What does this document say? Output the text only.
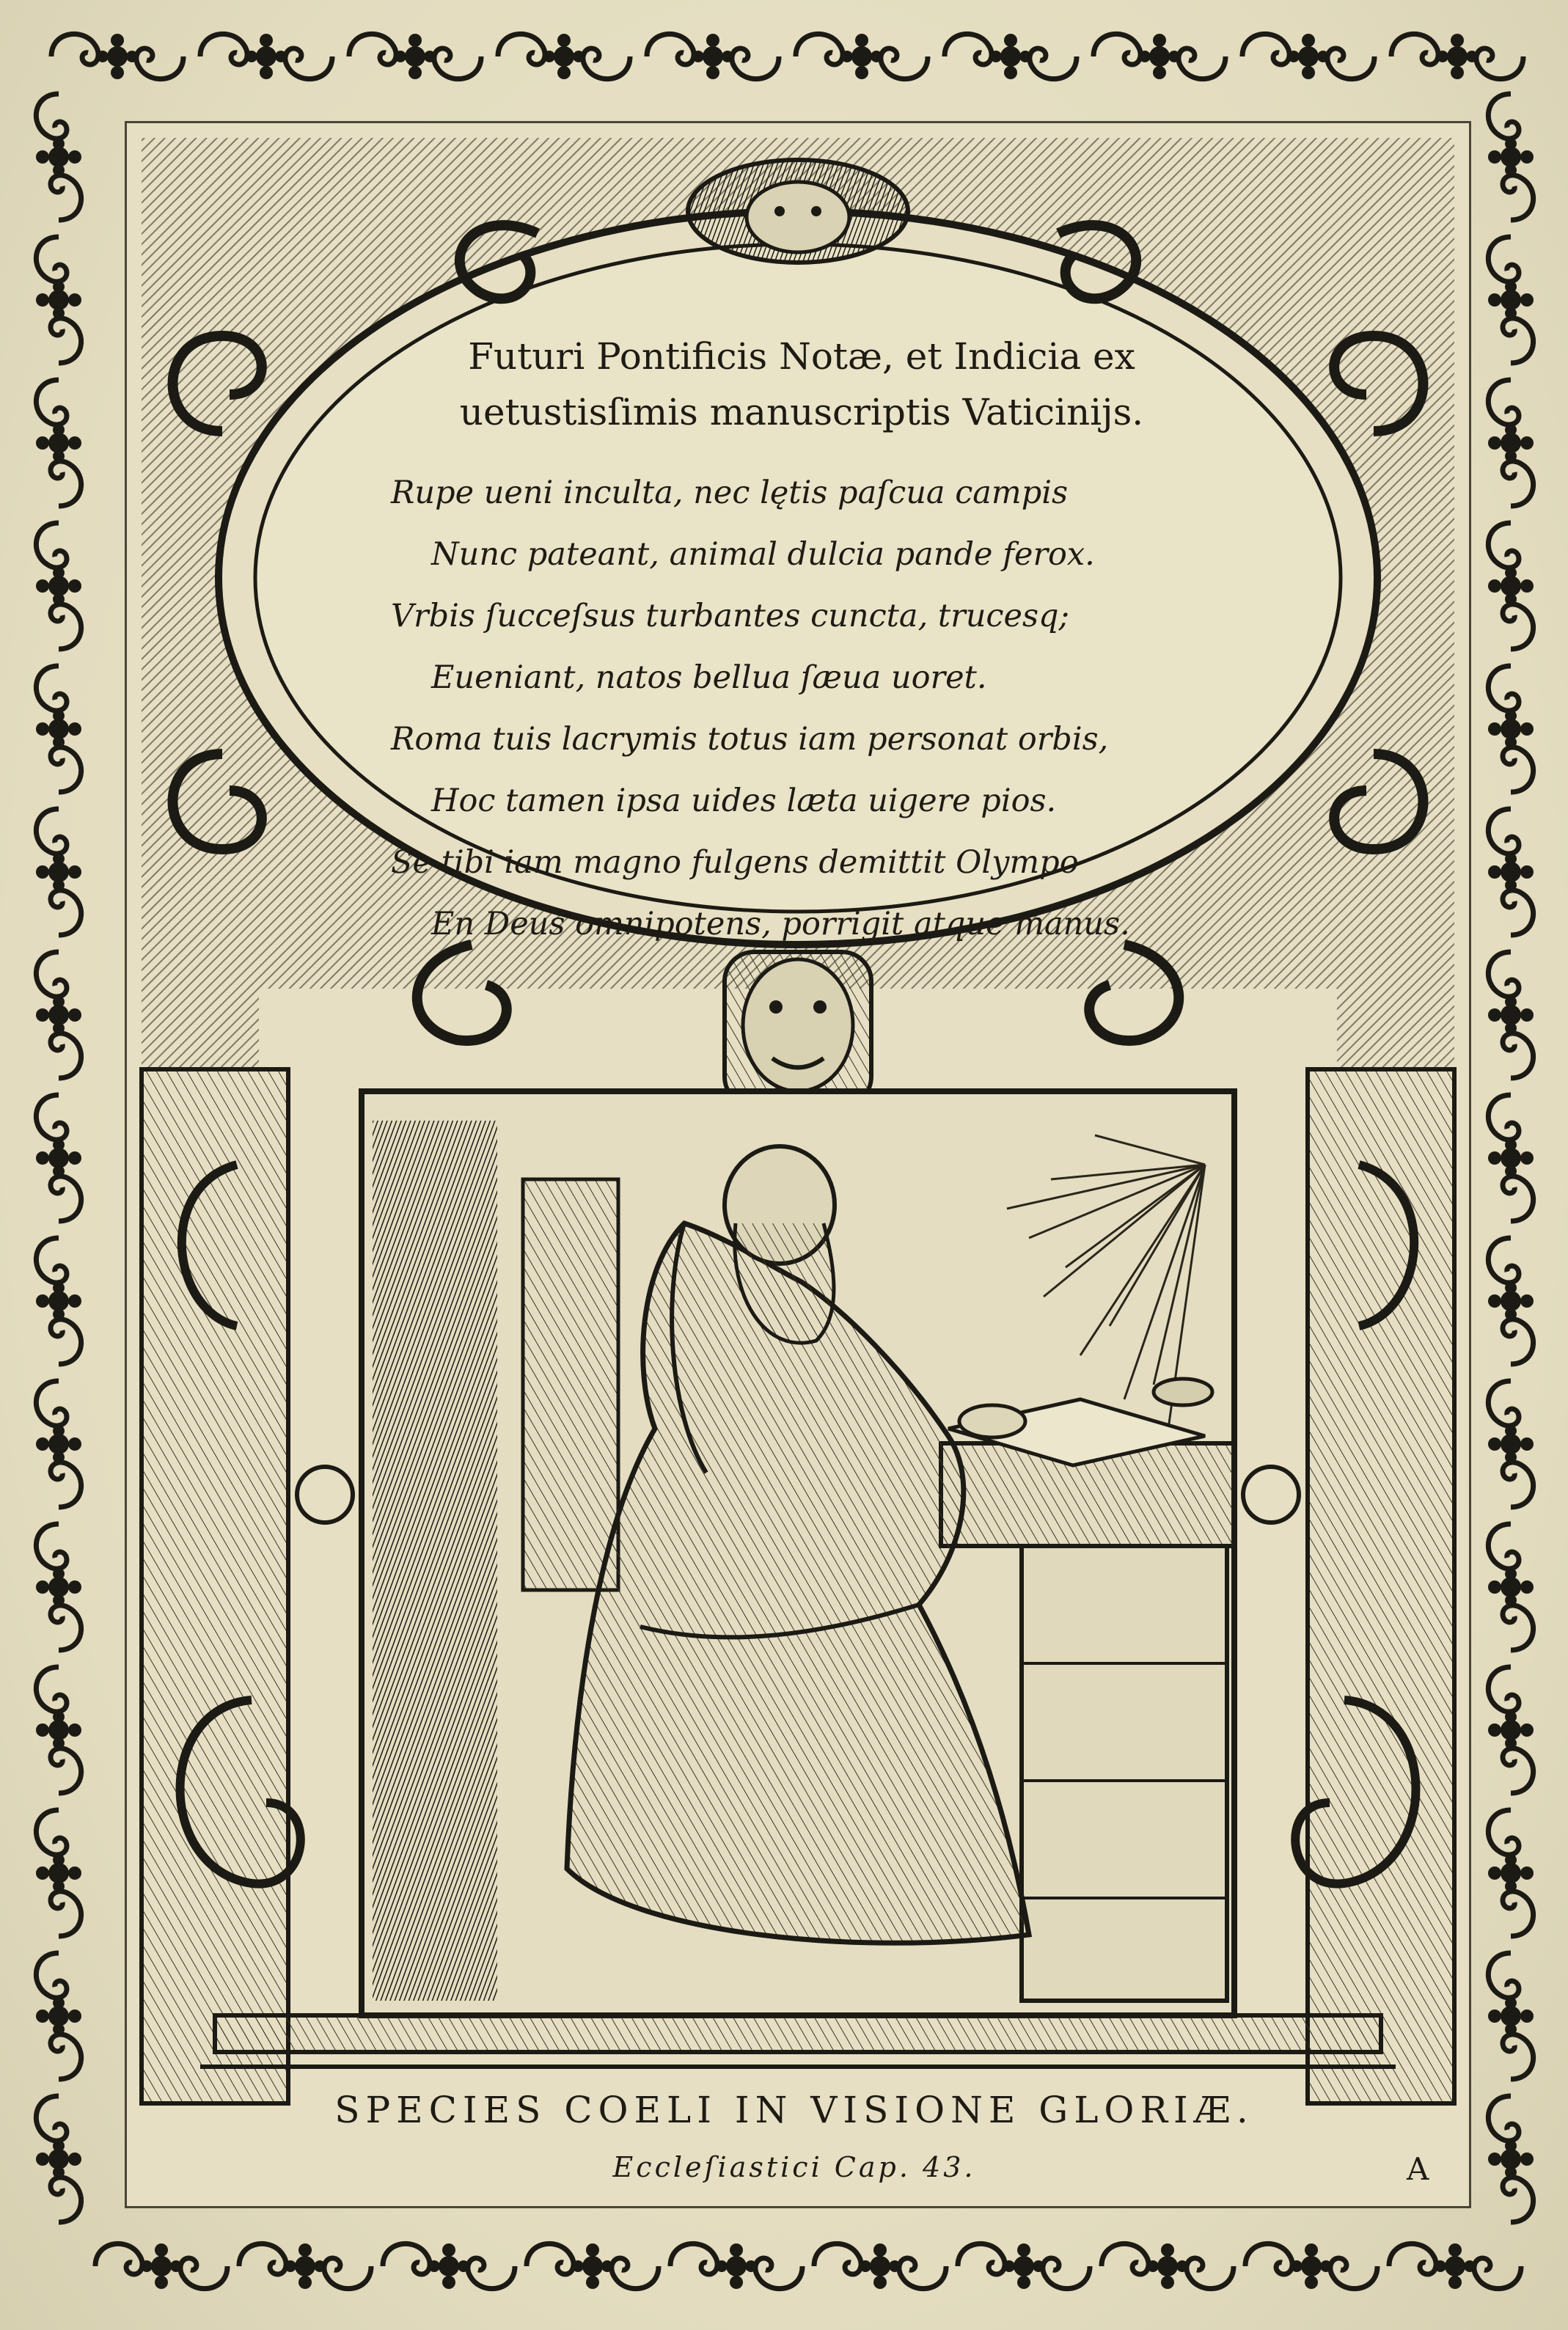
Futuri Pontificis Notæ, et Indicia ex
uetustisſimis manuscriptis Vaticinijs.
Rupe ueni inculta, nec lętis paſcua campis
Nunc pateant, animal dulcia pande ferox.
Vrbis ſucceſsus turbantes cuncta, trucesq;
Eueniant, natos bellua ſæua uoret.
Roma tuis lacrymis totus iam personat orbis,
Hoc tamen ipsa uides læta uigere pios.
Se tibi iam magno fulgens demittit Olympo
En Deus omnipotens, porrigit atque manus.
SPECIES COELI IN VISIONE GLORIÆ.
Eccleſiastici Cap. 43.	A
